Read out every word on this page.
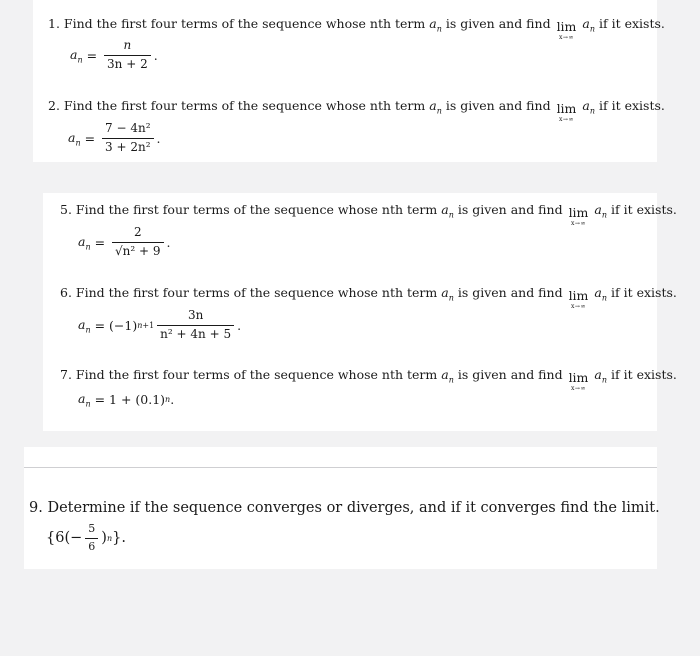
1. Find the first four terms of the sequence whose nth term $a_n$ is given and find lim
x→∞
$a_n$ if it exists.
$a_n = \frac{n}{3n + 2}$ .
2. Find the first four terms of the sequence whose nth term $a_n$ is given and find lim
x→∞
$a_n$ if it exists.
$a_n = \frac{\text{7 − 4n²}}{\text{3 + 2n²}}$ .
5. Find the first four terms of the sequence whose nth term $a_n$ is given and find lim
x→∞
$a_n$ if it exists.
$a_n = \frac{2}{\text{√n² + 9}}$ .
6. Find the first four terms of the sequence whose nth term $a_n$ is given and find lim
x→∞
$a_n$ if it exists.
$a_n = (-1)$ $n+1 \frac{3n}{\text{n² + 4n + 5}}$ .
7. Find the first four terms of the sequence whose nth term $a_n$ is given and find lim
x→∞
$a_n$ if it exists.
$a_n = 1 + (0.1)$ n .
9. Determine if the sequence converges or diverges, and if it converges find the limit.
{$6(- \frac{5}{6}$ ) n }.
